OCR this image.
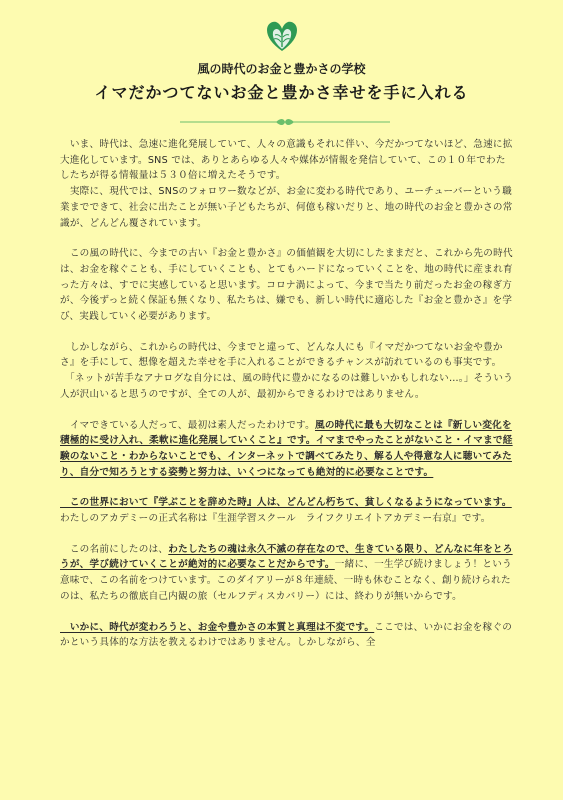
風の時代のお金と豊かさの学校
イマだかつてないお金と豊かさ幸せを手に入れる

　いま、時代は、急速に進化発展していて、人々の意識もそれに伴い、今だかつてないほど、急速に拡大進化しています。SNS では、ありとあらゆる人々や媒体が情報を発信していて、この１０年でわたしたちが得る情報量は５３０倍に増えたそうです。

　実際に、現代では、SNSのフォロワー数などが、お金に変わる時代であり、ユーチューバーという職業までできて、社会に出たことが無い子どもたちが、何億も稼いだりと、地の時代のお金と豊かさの常識が、どんどん覆されています。

　この風の時代に、今までの古い『お金と豊かさ』の価値観を大切にしたままだと、これから先の時代は、お金を稼ぐことも、手にしていくことも、とてもハードになっていくことを、地の時代に産まれ育った方々は、すでに実感していると思います。コロナ渦によって、今まで当たり前だったお金の稼ぎ方が、今後ずっと続く保証も無くなり、私たちは、嫌でも、新しい時代に適応した『お金と豊かさ』を学び、実践していく必要があります。

　しかしながら、これからの時代は、今までと違って、どんな人にも『イマだかつてないお金や豊かさ』を手にして、想像を超えた幸せを手に入れることができるチャンスが訪れているのも事実です。

　「ネットが苦手なアナログな自分には、風の時代に豊かになるのは難しいかもしれない…。」そういう人が沢山いると思うのですが、全ての人が、最初からできるわけではありません。

　イマできている人だって、最初は素人だったわけです。風の時代に最も大切なことは『新しい変化を積極的に受け入れ、柔軟に進化発展していくこと』です。イマまでやったことがないこと・イマまで経験のないこと・わからないことでも、インターネットで調べてみたり、解る人や得意な人に聴いてみたり、自分で知ろうとする姿勢と努力は、いくつになっても絶対的に必要なことです。

　この世界において『学ぶことを辞めた時』人は、どんどん朽ちて、貧しくなるようになっています。わたしのアカデミーの正式名称は『生涯学習スクール　ライフクリエイトアカデミー右京』です。

　この名前にしたのは、わたしたちの魂は永久不滅の存在なので、生きている限り、どんなに年をとろうが、学び続けていくことが絶対的に必要なことだからです。一緒に、一生学び続けましょう！という意味で、この名前をつけています。このダイアリーが８年連続、一時も休むことなく、創り続けられたのは、私たちの徹底自己内観の旅（セルフディスカバリー）には、終わりが無いからです。

　いかに、時代が変わろうと、お金や豊かさの本質と真理は不変です。ここでは、いかにお金を稼ぐのかという具体的な方法を教えるわけではありません。しかしながら、全
